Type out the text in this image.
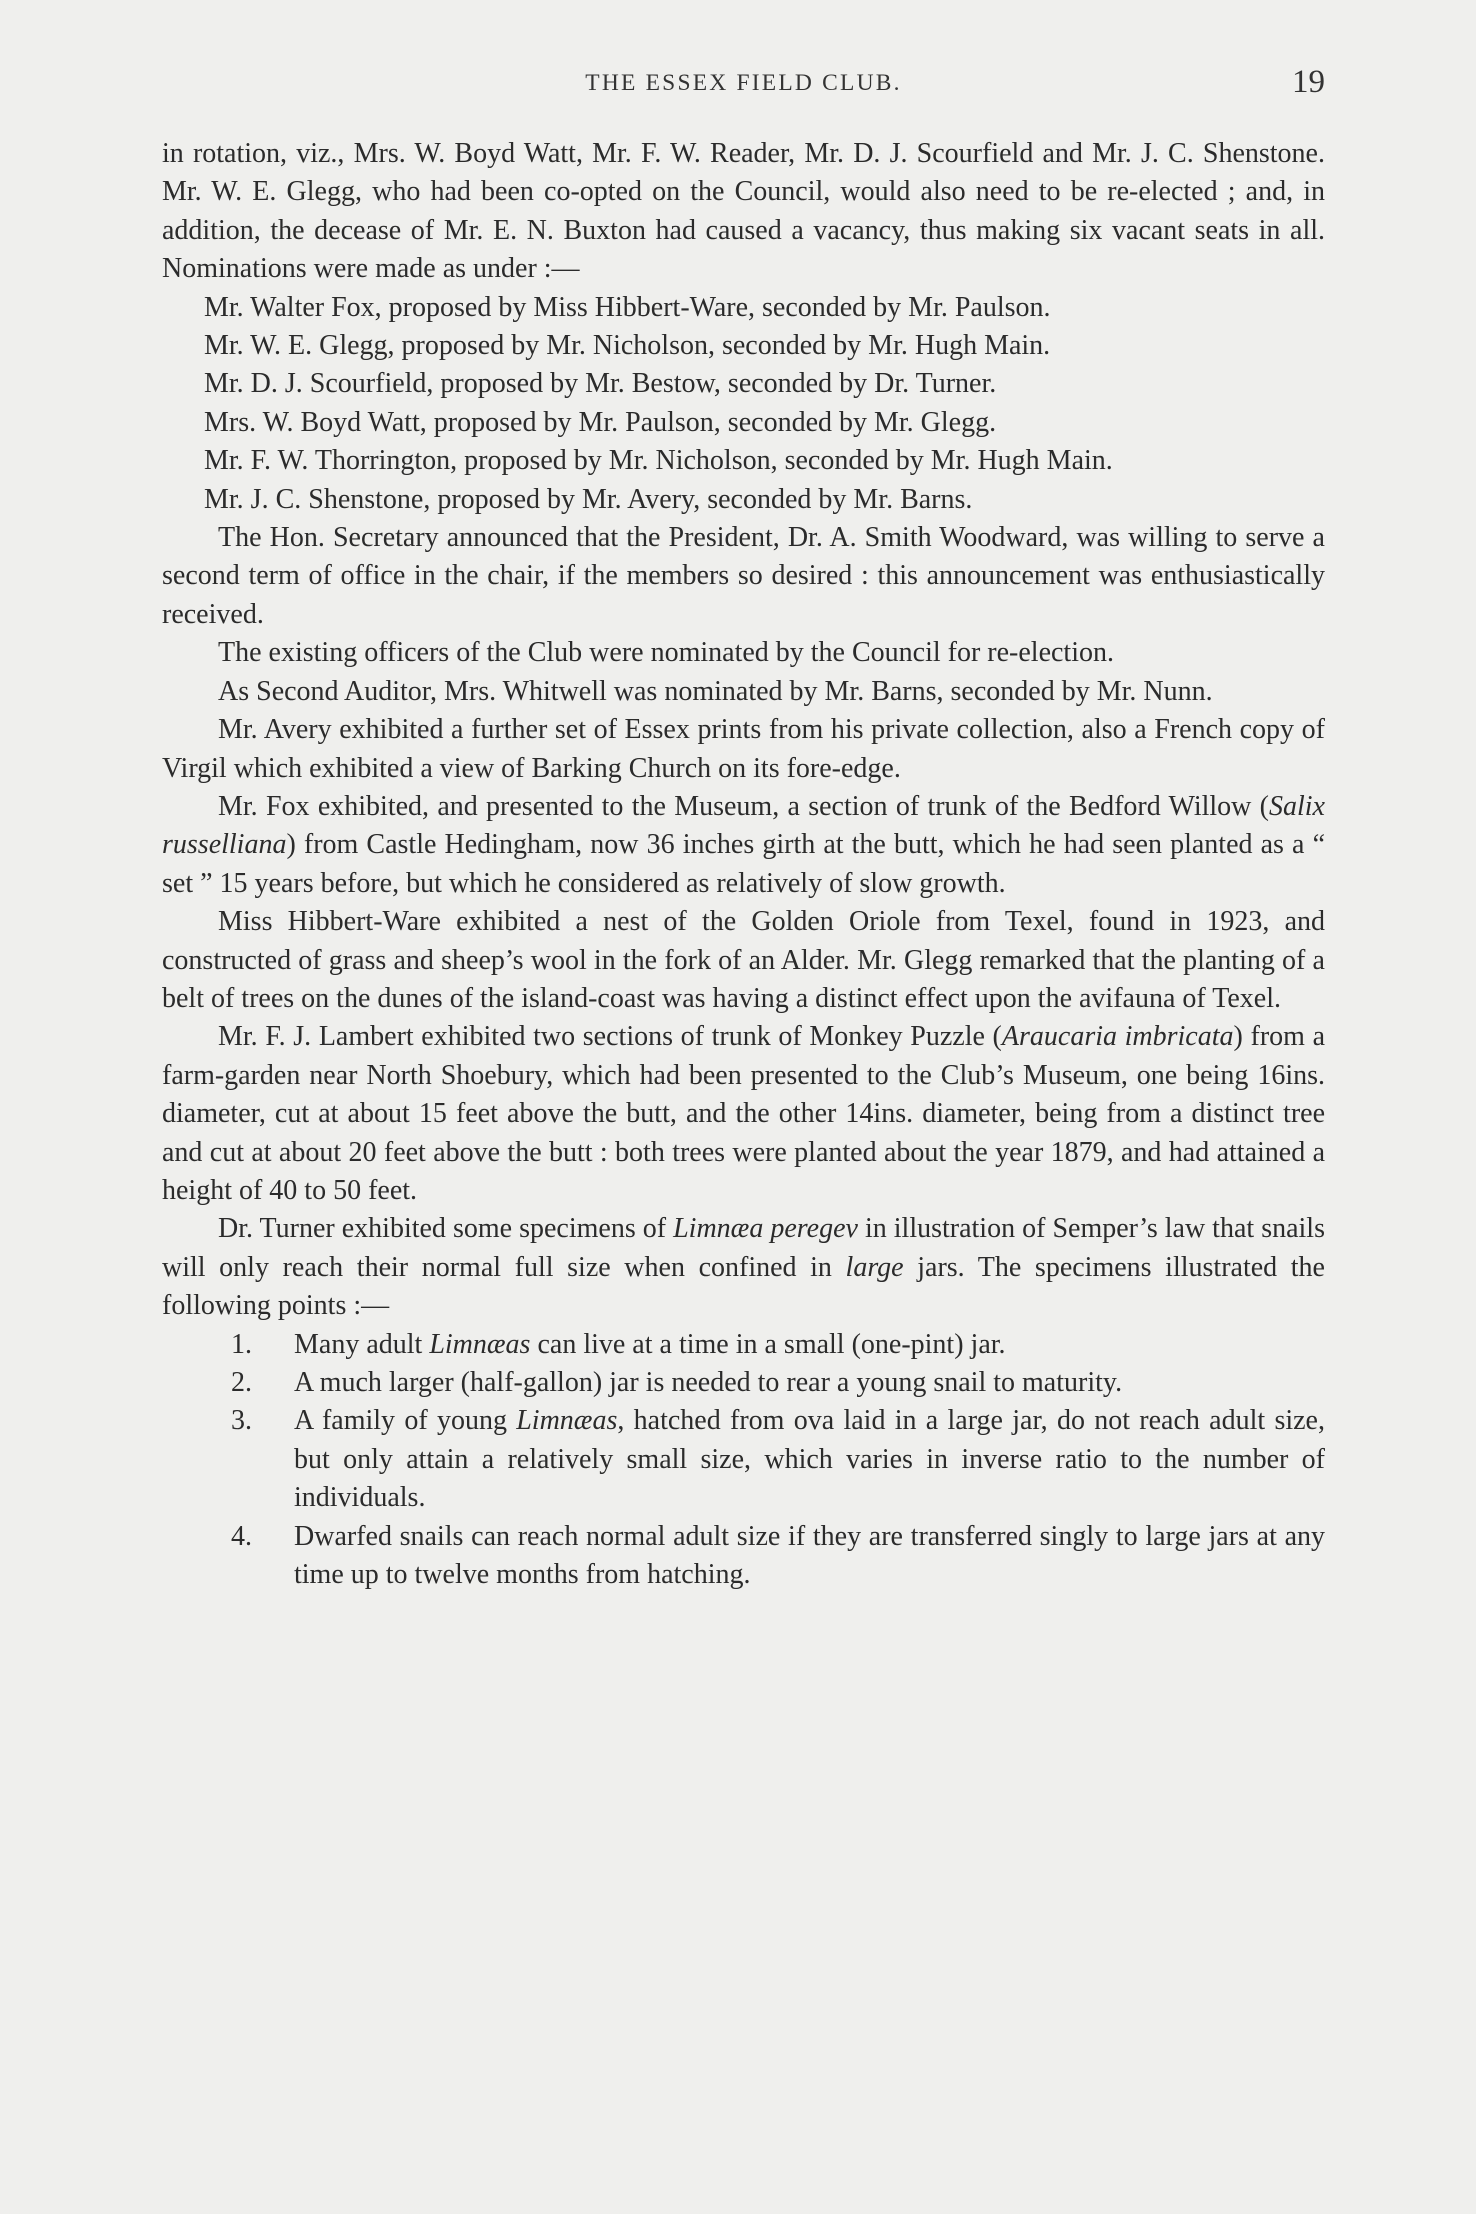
THE ESSEX FIELD CLUB.	19

in rotation, viz., Mrs. W. Boyd Watt, Mr. F. W. Reader, Mr. D. J. Scourfield and Mr. J. C. Shenstone. Mr. W. E. Glegg, who had been co-opted on the Council, would also need to be re-elected ; and, in addition, the decease of Mr. E. N. Buxton had caused a vacancy, thus making six vacant seats in all. Nominations were made as under :—

Mr. Walter Fox, proposed by Miss Hibbert-Ware, seconded by Mr. Paulson.

Mr. W. E. Glegg, proposed by Mr. Nicholson, seconded by Mr. Hugh Main.

Mr. D. J. Scourfield, proposed by Mr. Bestow, seconded by Dr. Turner.

Mrs. W. Boyd Watt, proposed by Mr. Paulson, seconded by Mr. Glegg.

Mr. F. W. Thorrington, proposed by Mr. Nicholson, seconded by Mr. Hugh Main.

Mr. J. C. Shenstone, proposed by Mr. Avery, seconded by Mr. Barns.

The Hon. Secretary announced that the President, Dr. A. Smith Woodward, was willing to serve a second term of office in the chair, if the members so desired : this announcement was enthusiastically received.

The existing officers of the Club were nominated by the Council for re-election.

As Second Auditor, Mrs. Whitwell was nominated by Mr. Barns, seconded by Mr. Nunn.

Mr. Avery exhibited a further set of Essex prints from his private collection, also a French copy of Virgil which exhibited a view of Barking Church on its fore-edge.

Mr. Fox exhibited, and presented to the Museum, a section of trunk of the Bedford Willow (Salix russelliana) from Castle Hedingham, now 36 inches girth at the butt, which he had seen planted as a “ set ” 15 years before, but which he considered as relatively of slow growth.

Miss Hibbert-Ware exhibited a nest of the Golden Oriole from Texel, found in 1923, and constructed of grass and sheep’s wool in the fork of an Alder. Mr. Glegg remarked that the planting of a belt of trees on the dunes of the island-coast was having a distinct effect upon the avifauna of Texel.

Mr. F. J. Lambert exhibited two sections of trunk of Monkey Puzzle (Araucaria imbricata) from a farm-garden near North Shoebury, which had been presented to the Club’s Museum, one being 16ins. diameter, cut at about 15 feet above the butt, and the other 14ins. diameter, being from a distinct tree and cut at about 20 feet above the butt : both trees were planted about the year 1879, and had attained a height of 40 to 50 feet.

Dr. Turner exhibited some specimens of Limnæa peregev in illustration of Semper’s law that snails will only reach their normal full size when confined in large jars. The specimens illustrated the following points :—

1. Many adult Limnæas can live at a time in a small (one-pint) jar.

2. A much larger (half-gallon) jar is needed to rear a young snail to maturity.

3. A family of young Limnæas, hatched from ova laid in a large jar, do not reach adult size, but only attain a relatively small size, which varies in inverse ratio to the number of individuals.

4. Dwarfed snails can reach normal adult size if they are transferred singly to large jars at any time up to twelve months from hatching.
